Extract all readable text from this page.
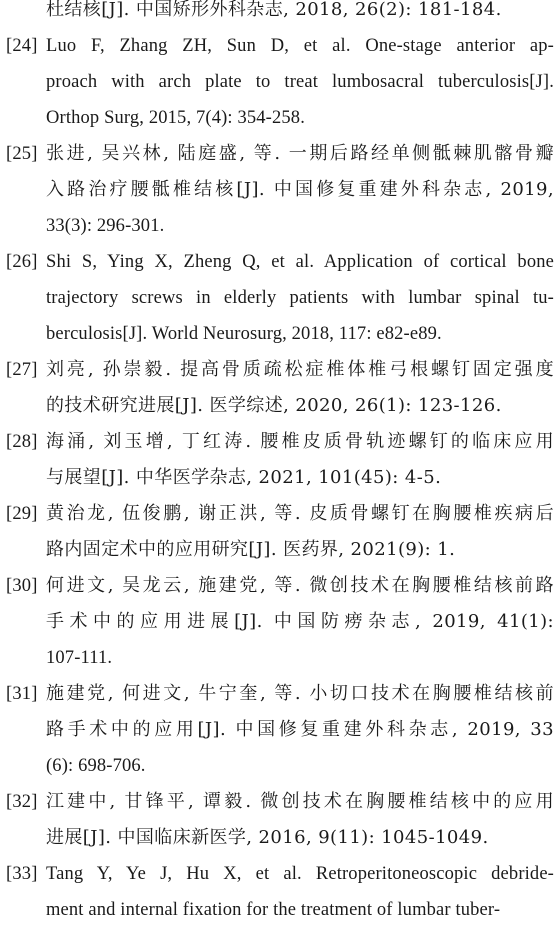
杜结核[J]. 中国矫形外科杂志, 2018, 26(2): 181-184.
[24] Luo F, Zhang ZH, Sun D, et al. One-stage anterior ap-
proach with arch plate to treat lumbosacral tuberculosis[J].
Orthop Surg, 2015, 7(4): 354-258.
[25] 张进, 吴兴林, 陆庭盛, 等. 一期后路经单侧骶棘肌髂骨瓣
入路治疗腰骶椎结核[J]. 中国修复重建外科杂志, 2019,
33(3): 296-301.
[26] Shi S, Ying X, Zheng Q, et al. Application of cortical bone
trajectory screws in elderly patients with lumbar spinal tu-
berculosis[J]. World Neurosurg, 2018, 117: e82-e89.
[27] 刘亮, 孙崇毅. 提高骨质疏松症椎体椎弓根螺钉固定强度
的技术研究进展[J]. 医学综述, 2020, 26(1): 123-126.
[28] 海涌, 刘玉增, 丁红涛. 腰椎皮质骨轨迹螺钉的临床应用
与展望[J]. 中华医学杂志, 2021, 101(45): 4-5.
[29] 黄治龙, 伍俊鹏, 谢正洪, 等. 皮质骨螺钉在胸腰椎疾病后
路内固定术中的应用研究[J]. 医药界, 2021(9): 1.
[30] 何进文, 吴龙云, 施建党, 等. 微创技术在胸腰椎结核前路
手术中的应用进展[J]. 中国防痨杂志, 2019, 41(1):
107-111.
[31] 施建党, 何进文, 牛宁奎, 等. 小切口技术在胸腰椎结核前
路手术中的应用[J]. 中国修复重建外科杂志, 2019, 33
(6): 698-706.
[32] 江建中, 甘锋平, 谭毅. 微创技术在胸腰椎结核中的应用
进展[J]. 中国临床新医学, 2016, 9(11): 1045-1049.
[33] Tang Y, Ye J, Hu X, et al. Retroperitoneoscopic debride-
ment and internal fixation for the treatment of lumbar tuber-
